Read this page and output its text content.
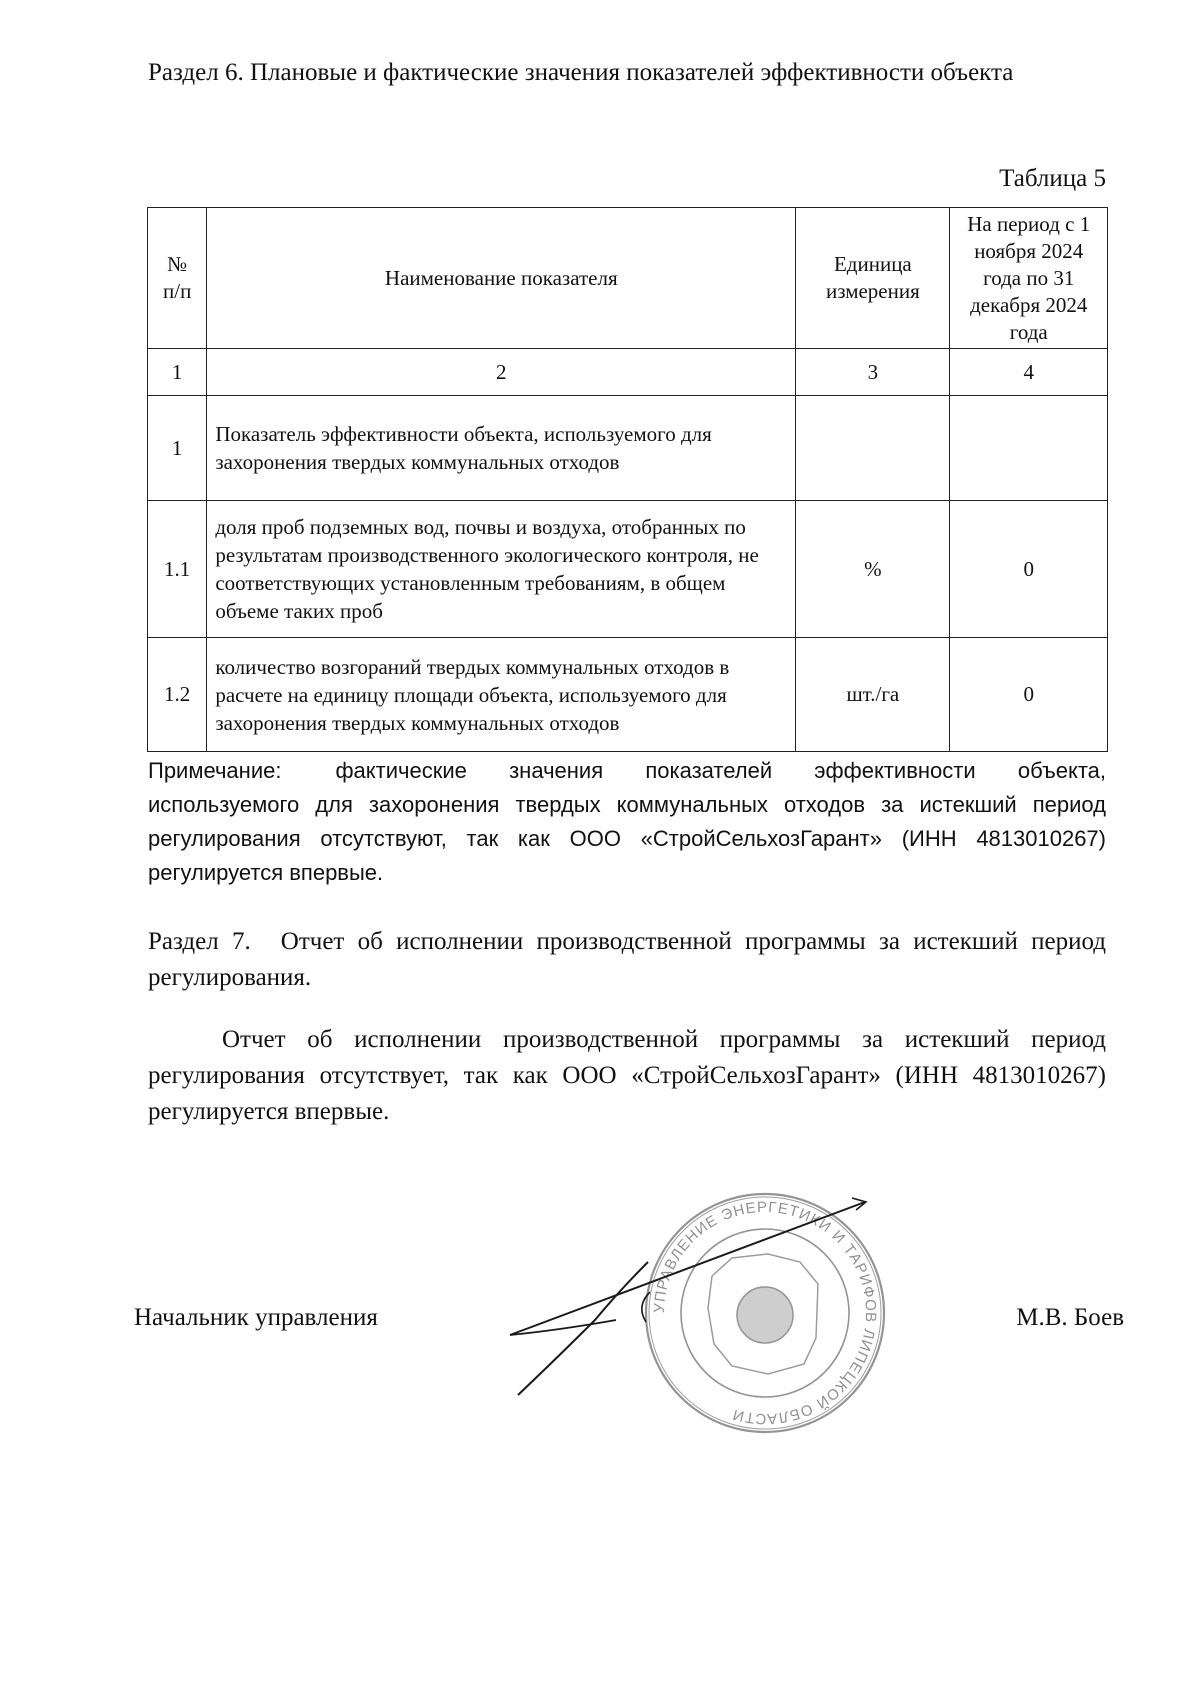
Раздел 6. Плановые и фактические значения показателей эффективности объекта
Таблица 5
№ п/п	Наименование показателя	Единица измерения	На период с 1 ноября 2024 года по 31 декабря 2024 года
1	2	3	4
1	Показатель эффективности объекта, используемого для захоронения твердых коммунальных отходов		
1.1	доля проб подземных вод, почвы и воздуха, отобранных по результатам производственного экологического контроля, не соответствующих установленным требованиям, в общем объеме таких проб	%	0
1.2	количество возгораний твердых коммунальных отходов в расчете на единицу площади объекта, используемого для захоронения твердых коммунальных отходов	шт./га	0
Примечание: фактические значения показателей эффективности объекта, используемого для захоронения твердых коммунальных отходов за истекший период регулирования отсутствуют, так как ООО «СтройСельхозГарант» (ИНН 4813010267) регулируется впервые.
Раздел 7. Отчет об исполнении производственной программы за истекший период регулирования.
Отчет об исполнении производственной программы за истекший период регулирования отсутствует, так как ООО «СтройСельхозГарант» (ИНН 4813010267) регулируется впервые.
Начальник управления	М.В. Боев
УПРАВЛЕНИЕ ЭНЕРГЕТИКИ И ТАРИФОВ ЛИПЕЦКОЙ ОБЛАСТИ
